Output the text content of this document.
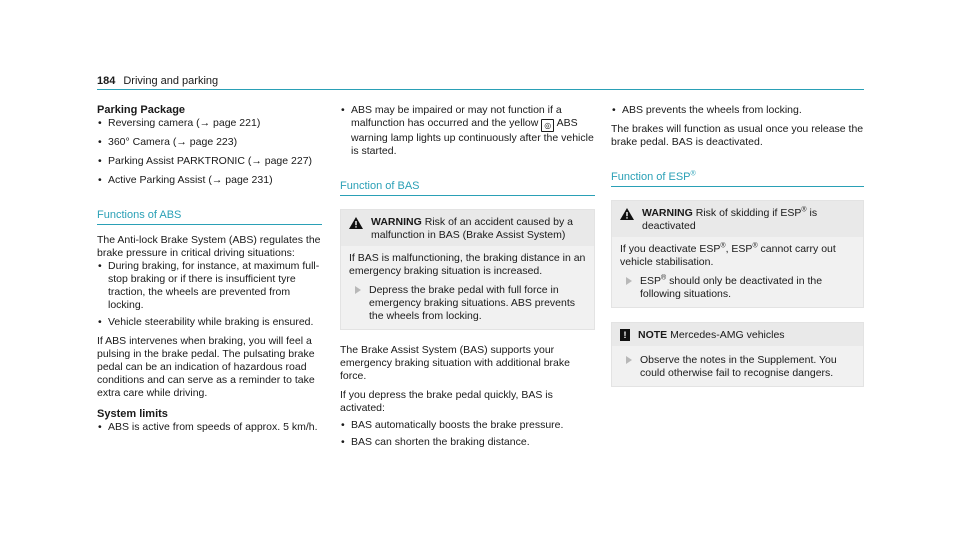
184 Driving and parking
Parking Package
• Reversing camera (→ page 221)
• 360° Camera (→ page 223)
• Parking Assist PARKTRONIC (→ page 227)
• Active Parking Assist (→ page 231)
Functions of ABS

The Anti-lock Brake System (ABS) regulates the brake pressure in critical driving situations:

• During braking, for instance, at maximum full-stop braking or if there is insufficient tyre traction, the wheels are prevented from locking.
• Vehicle steerability while braking is ensured.

If ABS intervenes when braking, you will feel a pulsing in the brake pedal. The pulsating brake pedal can be an indication of hazardous road conditions and can serve as a reminder to take extra care while driving.

System limits
• ABS is active from speeds of approx. 5 km/h.
• ABS may be impaired or may not function if a malfunction has occurred and the yellow ◎ ABS warning lamp lights up continuously after the vehicle is started.
Function of BAS
WARNING Risk of an accident caused by a malfunction in BAS (Brake Assist System)

If BAS is malfunctioning, the braking distance in an emergency braking situation is increased.

Depress the brake pedal with full force in emergency braking situations. ABS prevents the wheels from locking.

The Brake Assist System (BAS) supports your emergency braking situation with additional brake force.

If you depress the brake pedal quickly, BAS is activated:

• BAS automatically boosts the brake pressure.
• BAS can shorten the braking distance.
• ABS prevents the wheels from locking.

The brakes will function as usual once you release the brake pedal. BAS is deactivated.

Function of ESP®
WARNING Risk of skidding if ESP® is deactivated

If you deactivate ESP®, ESP® cannot carry out vehicle stabilisation.

ESP® should only be deactivated in the following situations.
!	NOTE Mercedes-AMG vehicles
Observe the notes in the Supplement. You could otherwise fail to recognise dangers.
